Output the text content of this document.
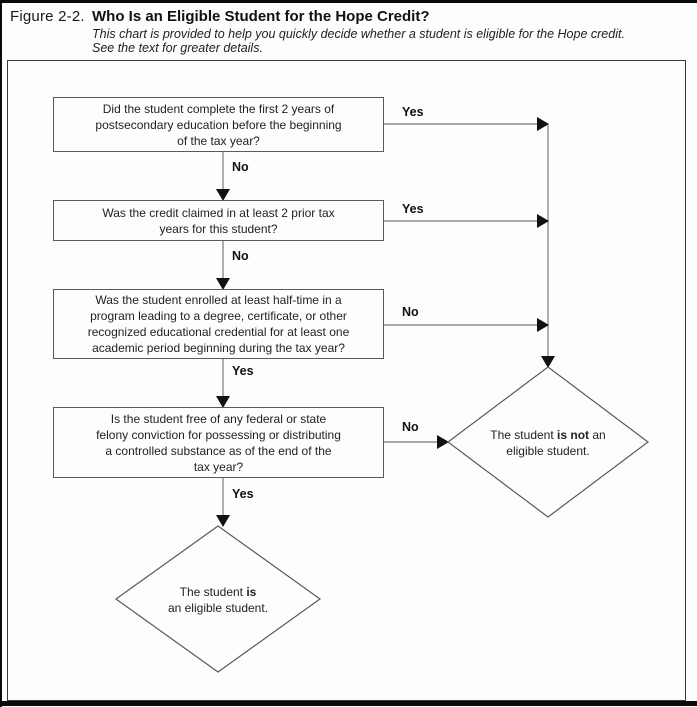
Figure 2-2. Who Is an Eligible Student for the Hope Credit?
This chart is provided to help you quickly decide whether a student is eligible for the Hope credit.
See the text for greater details.
Did the student complete the first 2 years of
postsecondary education before the beginning
of the tax year?
Was the credit claimed in at least 2 prior tax
years for this student?
Was the student enrolled at least half-time in a
program leading to a degree, certificate, or other
recognized educational credential for at least one
academic period beginning during the tax year?
Is the student free of any federal or state
felony conviction for possessing or distributing
a controlled substance as of the end of the
tax year?
Yes
No
Yes
No
No
Yes
No
Yes
The student is not an
eligible student.
The student is
an eligible student.
